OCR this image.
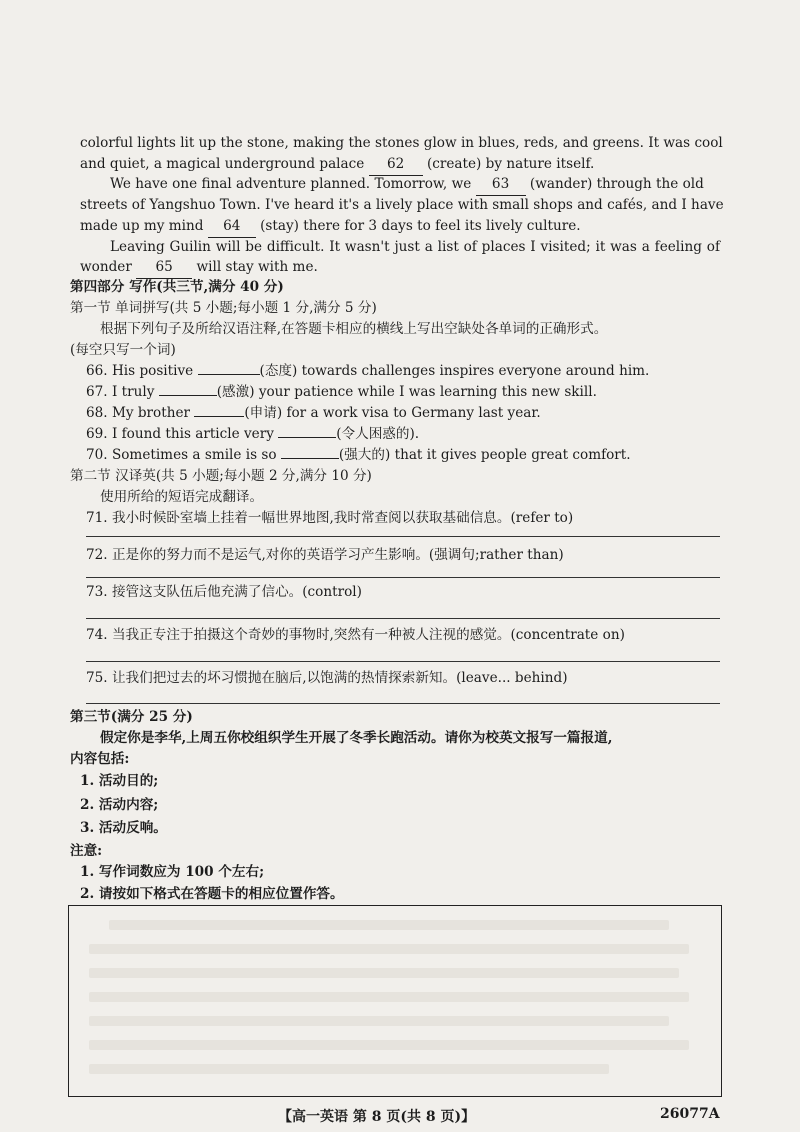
colorful lights lit up the stone, making the stones glow in blues, reds, and greens. It was cool
and quiet, a magical underground palace 62 (create) by nature itself.
We have one final adventure planned. Tomorrow, we 63 (wander) through the old
streets of Yangshuo Town. I've heard it's a lively place with small shops and cafés, and I have
made up my mind 64 (stay) there for 3 days to feel its lively culture.
Leaving Guilin will be difficult. It wasn't just a list of places I visited; it was a feeling of
wonder 65 will stay with me.
第四部分 写作(共三节,满分 40 分)
第一节 单词拼写(共 5 小题;每小题 1 分,满分 5 分)
根据下列句子及所给汉语注释,在答题卡相应的横线上写出空缺处各单词的正确形式。
(每空只写一个词)
66. His positive	(态度) towards challenges inspires everyone around him.
67. I truly	(感激) your patience while I was learning this new skill.
68. My brother	(申请) for a work visa to Germany last year.
69. I found this article very	(令人困惑的).
70. Sometimes a smile is so	(强大的) that it gives people great comfort.
第二节 汉译英(共 5 小题;每小题 2 分,满分 10 分)
使用所给的短语完成翻译。
71. 我小时候卧室墙上挂着一幅世界地图,我时常查阅以获取基础信息。(refer to)
72. 正是你的努力而不是运气,对你的英语学习产生影响。(强调句;rather than)
73. 接管这支队伍后他充满了信心。(control)
74. 当我正专注于拍摄这个奇妙的事物时,突然有一种被人注视的感觉。(concentrate on)
75. 让我们把过去的坏习惯抛在脑后,以饱满的热情探索新知。(leave... behind)
第三节(满分 25 分)
假定你是李华,上周五你校组织学生开展了冬季长跑活动。请你为校英文报写一篇报道,
内容包括:
1. 活动目的;
2. 活动内容;
3. 活动反响。
注意:
1. 写作词数应为 100 个左右;
2. 请按如下格式在答题卡的相应位置作答。
【高一英语 第 8 页(共 8 页)】	26077A
